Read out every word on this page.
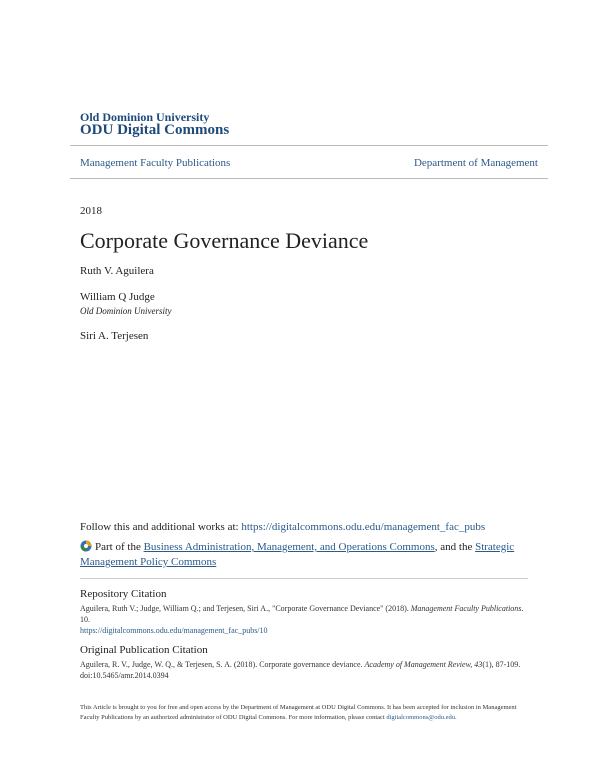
Old Dominion University
ODU Digital Commons
Management Faculty Publications	Department of Management
2018
Corporate Governance Deviance
Ruth V. Aguilera
William Q Judge
Old Dominion University
Siri A. Terjesen
Follow this and additional works at: https://digitalcommons.odu.edu/management_fac_pubs
Part of the Business Administration, Management, and Operations Commons, and the Strategic Management Policy Commons
Repository Citation
Aguilera, Ruth V.; Judge, William Q.; and Terjesen, Siri A., "Corporate Governance Deviance" (2018). Management Faculty Publications. 10.
https://digitalcommons.odu.edu/management_fac_pubs/10
Original Publication Citation
Aguilera, R. V., Judge, W. Q., & Terjesen, S. A. (2018). Corporate governance deviance. Academy of Management Review, 43(1), 87-109. doi:10.5465/amr.2014.0394
This Article is brought to you for free and open access by the Department of Management at ODU Digital Commons. It has been accepted for inclusion in Management Faculty Publications by an authorized administrator of ODU Digital Commons. For more information, please contact digitalcommons@odu.edu.
